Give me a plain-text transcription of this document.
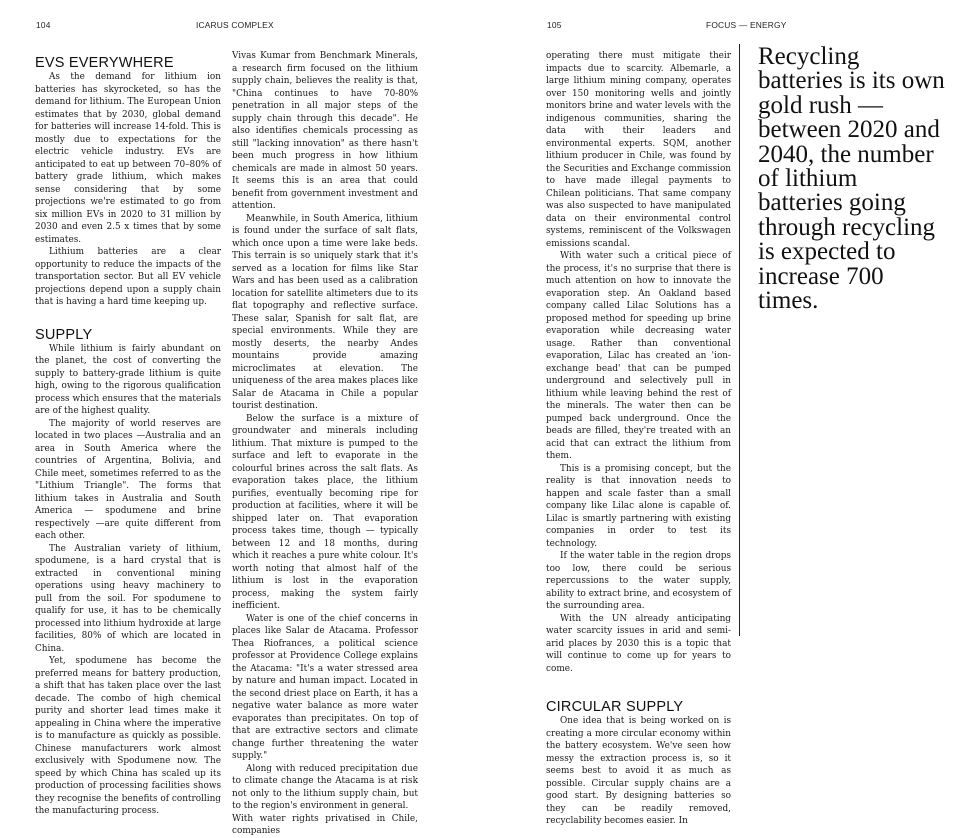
104	ICARUS COMPLEX
EVS EVERYWHERE

As the demand for lithium ion batteries has skyrocketed, so has the demand for lithium. The European Union estimates that by 2030, global demand for batteries will increase 14-fold. This is mostly due to expectations for the electric vehicle industry. EVs are anticipated to eat up between 70–80% of battery grade lithium, which makes sense considering that by some projections we're estimated to go from six million EVs in 2020 to 31 million by 2030 and even 2.5 x times that by some estimates.

Lithium batteries are a clear opportunity to reduce the impacts of the transportation sector. But all EV vehicle projections depend upon a supply chain that is having a hard time keeping up.

SUPPLY

While lithium is fairly abundant on the planet, the cost of converting the supply to battery-grade lithium is quite high, owing to the rigorous qualification process which ensures that the materials are of the highest quality.

The majority of world reserves are located in two places —Australia and an area in South America where the countries of Argentina, Bolivia, and Chile meet, sometimes referred to as the "Lithium Triangle". The forms that lithium takes in Australia and South America — spodumene and brine respectively —are quite different from each other.

The Australian variety of lithium, spodumene, is a hard crystal that is extracted in conventional mining operations using heavy machinery to pull from the soil. For spodumene to qualify for use, it has to be chemically processed into lithium hydroxide at large facilities, 80% of which are located in China.

Yet, spodumene has become the preferred means for battery production, a shift that has taken place over the last decade. The combo of high chemical purity and shorter lead times make it appealing in China where the imperative is to manufacture as quickly as possible. Chinese manufacturers work almost exclusively with Spodumene now. The speed by which China has scaled up its production of processing facilities shows they recognise the benefits of controlling the manufacturing process.

Vivas Kumar from Benchmark Minerals, a research firm focused on the lithium supply chain, believes the reality is that, "China continues to have 70-80% penetration in all major steps of the supply chain through this decade". He also identifies chemicals processing as still "lacking innovation" as there hasn't been much progress in how lithium chemicals are made in almost 50 years. It seems this is an area that could benefit from government investment and attention.

Meanwhile, in South America, lithium is found under the surface of salt flats, which once upon a time were lake beds. This terrain is so uniquely stark that it's served as a location for films like Star Wars and has been used as a calibration location for satellite altimeters due to its flat topography and reflective surface. These salar, Spanish for salt flat, are special environments. While they are mostly deserts, the nearby Andes mountains provide amazing microclimates at elevation. The uniqueness of the area makes places like Salar de Atacama in Chile a popular tourist destination.

Below the surface is a mixture of groundwater and minerals including lithium. That mixture is pumped to the surface and left to evaporate in the colourful brines across the salt flats. As evaporation takes place, the lithium purifies, eventually becoming ripe for production at facilities, where it will be shipped later on. That evaporation process takes time, though — typically between 12 and 18 months, during which it reaches a pure white colour. It's worth noting that almost half of the lithium is lost in the evaporation process, making the system fairly inefficient.

Water is one of the chief concerns in places like Salar de Atacama. Professor Thea Riofrances, a political science professor at Providence College explains the Atacama: "It's a water stressed area by nature and human impact. Located in the second driest place on Earth, it has a negative water balance as more water evaporates than precipitates. On top of that are extractive sectors and climate change further threatening the water supply."

Along with reduced precipitation due to climate change the Atacama is at risk not only to the lithium supply chain, but to the region's environment in general.

With water rights privatised in Chile, companies

105	FOCUS — ENERGY

operating there must mitigate their impacts due to scarcity. Albemarle, a large lithium mining company, operates over 150 monitoring wells and jointly monitors brine and water levels with the indigenous communities, sharing the data with their leaders and environmental experts. SQM, another lithium producer in Chile, was found by the Securities and Exchange commission to have made illegal payments to Chilean politicians. That same company was also suspected to have manipulated data on their environmental control systems, reminiscent of the Volkswagen emissions scandal.

With water such a critical piece of the process, it's no surprise that there is much attention on how to innovate the evaporation step. An Oakland based company called Lilac Solutions has a proposed method for speeding up brine evaporation while decreasing water usage. Rather than conventional evaporation, Lilac has created an 'ion-exchange bead' that can be pumped underground and selectively pull in lithium while leaving behind the rest of the minerals. The water then can be pumped back underground. Once the beads are filled, they're treated with an acid that can extract the lithium from them.

This is a promising concept, but the reality is that innovation needs to happen and scale faster than a small company like Lilac alone is capable of. Lilac is smartly partnering with existing companies in order to test its technology.

If the water table in the region drops too low, there could be serious repercussions to the water supply, ability to extract brine, and ecosystem of the surrounding area.

With the UN already anticipating water scarcity issues in arid and semi-arid places by 2030 this is a topic that will continue to come up for years to come.

CIRCULAR SUPPLY

One idea that is being worked on is creating a more circular economy within the battery ecosystem. We've seen how messy the extraction process is, so it seems best to avoid it as much as possible. Circular supply chains are a good start. By designing batteries so they can be readily removed, recyclability becomes easier. In

Recycling batteries is its own gold rush — between 2020 and 2040, the number of lithium batteries going through recycling is expected to increase 700 times.
